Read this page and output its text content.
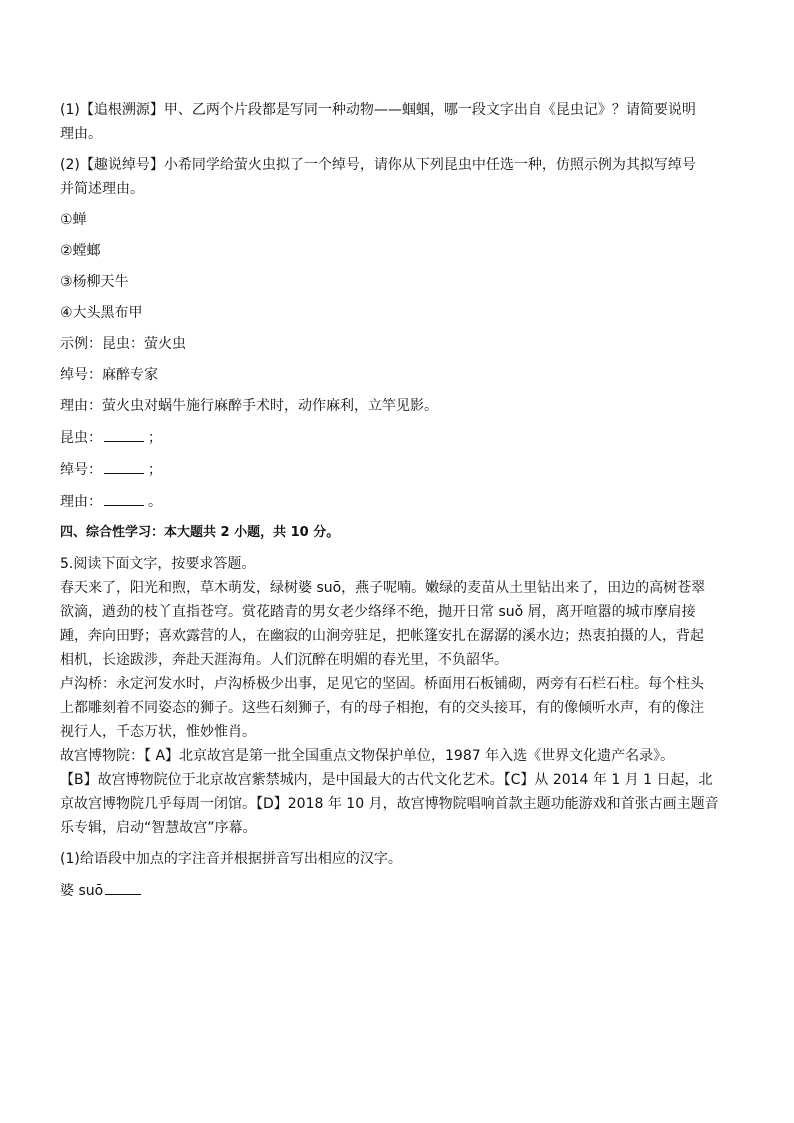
(1)【追根溯源】甲、乙两个片段都是写同一种动物——蝈蝈，哪一段文字出自《昆虫记》？请简要说明

理由。

(2)【趣说绰号】小希同学给萤火虫拟了一个绰号，请你从下列昆虫中任选一种，仿照示例为其拟写绰号

并简述理由。

①蝉

②螳螂

③杨柳天牛

④大头黑布甲

示例：昆虫：萤火虫

绰号：麻醉专家

理由：萤火虫对蜗牛施行麻醉手术时，动作麻利，立竿见影。

昆虫：	；

绰号：	；

理由：	。

四、综合性学习：本大题共 2 小题，共 10 分。

5.阅读下面文字，按要求答题。

春天来了，阳光和煦，草木萌发，绿树婆 suō，燕子呢喃。嫩绿的麦苗从土里钻出来了，田边的高树苍翠

欲滴，遒劲的枝丫直指苍穹。赏花踏青的男女老少络绎不绝，抛开日常 suǒ 屑，离开喧嚣的城市摩肩接

踵，奔向田野；喜欢露营的人，在幽寂的山涧旁驻足，把帐篷安扎在潺潺的溪水边；热衷拍摄的人，背起

相机，长途跋涉，奔赴天涯海角。人们沉醉在明媚的春光里，不负韶华。

卢沟桥：永定河发水时，卢沟桥极少出事，足见它的坚固。桥面用石板铺砌，两旁有石栏石柱。每个柱头

上都雕刻着不同姿态的狮子。这些石刻狮子，有的母子相抱，有的交头接耳，有的像倾听水声，有的像注

视行人，千态万状，惟妙惟肖。

故宫博物院：【 A】北京故宫是第一批全国重点文物保护单位，1987 年入选《世界文化遗产名录》。

【B】故宫博物院位于北京故宫紫禁城内，是中国最大的古代文化艺术。【C】从 2014 年 1 月 1 日起，北

京故宫博物院几乎每周一闭馆。【D】2018 年 10 月，故宫博物院唱响首款主题功能游戏和首张古画主题音

乐专辑，启动“智慧故宫”序幕。

(1)给语段中加点的字注音并根据拼音写出相应的汉字。

婆 suō
